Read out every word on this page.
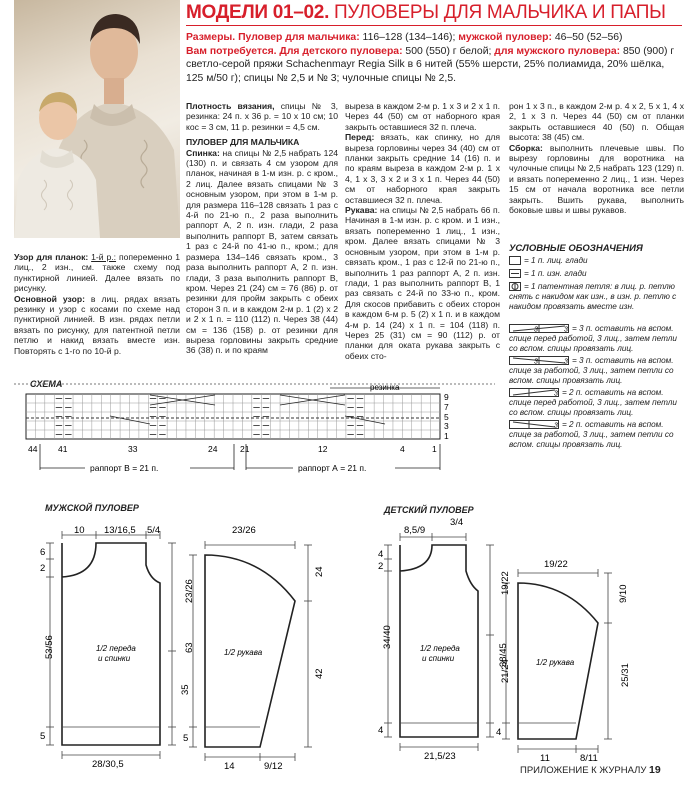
МОДЕЛИ 01–02. ПУЛОВЕРЫ ДЛЯ МАЛЬЧИКА И ПАПЫ
Размеры. Пуловер для мальчика: 116–128 (134–146); мужской пуловер: 46–50 (52–56)
Вам потребуется. Для детского пуловера: 500 (550) г белой; для мужского пуловера: 850 (900) г светло-серой пряжи Schachenmayr Regia Silk в 6 нитей (55% шерсти, 25% полиамида, 20% шёлка, 125 м/50 г); спицы № 2,5 и № 3; чулочные спицы № 2,5.

Узор для планок: 1-й р.: попеременно 1 лиц., 2 изн., см. также схему под пунктирной линией. Далее вязать по рисунку.

Основной узор: в лиц. рядах вязать резинку и узор с косами по схеме над пунктирной линией. В изн. рядах петли вязать по рисунку, для патентной петли петлю и накид вязать вместе изн. Повторять с 1-го по 10-й р.

Плотность вязания, спицы № 3, резинка: 24 п. x 36 р. = 10 x 10 см; 10 кос = 3 см, 11 р. резинки = 4,5 см.

ПУЛОВЕР ДЛЯ МАЛЬЧИКА

Спинка: на спицы № 2,5 набрать 124 (130) п. и связать 4 см узором для планок, начиная в 1-м изн. р. с кром., 2 лиц. Далее вязать спицами № 3 основным узором, при этом в 1-м р. для размера 116–128 связать 1 раз с 4-й по 21-ю п., 2 раза выполнить раппорт А, 2 п. изн. глади, 2 раза выполнить раппорт В, затем связать 1 раз с 24-й по 41-ю п., кром.; для размера 134–146 связать кром., 3 раза выполнить раппорт А, 2 п. изн. глади, 3 раза выполнить раппорт В, кром. Через 21 (24) см = 76 (86) р. от резинки для пройм закрыть с обеих сторон 3 п. и в каждом 2-м р. 1 (2) x 2 и 2 x 1 п. = 110 (112) п. Через 38 (44) см = 136 (158) р. от резинки для выреза горловины закрыть средние 36 (38) п. и по краям

выреза в каждом 2-м р. 1 x 3 и 2 x 1 п. Через 44 (50) см от наборного края закрыть оставшиеся 32 п. плеча.

Перед: вязать, как спинку, но для выреза горловины через 34 (40) см от планки закрыть средние 14 (16) п. и по краям выреза в каждом 2-м р. 1 x 4, 1 x 3, 3 x 2 и 3 x 1 п. Через 44 (50) см от наборного края закрыть оставшиеся 32 п. плеча.

Рукава: на спицы № 2,5 набрать 66 п. Начиная в 1-м изн. р. с кром. и 1 изн., вязать попеременно 1 лиц., 1 изн., кром. Далее вязать спицами № 3 основным узором, при этом в 1-м р. связать кром., 1 раз с 12-й по 21-ю п., выполнить 1 раз раппорт А, 2 п. изн. глади, 1 раз выполнить раппорт В, 1 раз связать с 24-й по 33-ю п., кром. Для скосов прибавить с обеих сторон в каждом 6-м р. 5 (2) x 1 п. и в каждом 4-м р. 14 (24) x 1 п. = 104 (118) п. Через 25 (31) см = 90 (112) р. от планки для оката рукава закрыть с обеих сто-

рон 1 x 3 п., в каждом 2-м р. 4 x 2, 5 x 1, 4 x 2, 1 x 3 п. Через 44 (50) см от планки закрыть оставшиеся 40 (50) п. Общая высота: 38 (45) см.

Сборка: выполнить плечевые швы. По вырезу горловины для воротника на чулочные спицы № 2,5 набрать 123 (129) п. и вязать попеременно 2 лиц., 1 изн. Через 15 см от начала воротника все петли закрыть. Вшить рукава, выполнить боковые швы и швы рукавов.

УСЛОВНЫЕ ОБОЗНАЧЕНИЯ
= 1 п. лиц. глади
= 1 п. изн. глади
= 1 патентная петля: в лиц. р. петлю снять с накидом как изн., в изн. р. петлю с накидом провязать вместе изн.
3	3 = 3 п. оставить на вспом. спице перед работой, 3 лиц., затем петли со вспом. спицы провязать лиц.
3	3 = 3 п. оставить на вспом. спице за работой, 3 лиц., затем петли со вспом. спицы провязать лиц.
3 = 2 п. оставить на вспом. спице перед работой, 3 лиц., затем петли со вспом. спицы провязать лиц.
3 = 2 п. оставить на вспом. спице за работой, 3 лиц., затем петли со вспом. спицы провязать лиц.
СХЕМА	резинка
9
7
5
3
1
44 41	33	24	21	12	4	1
раппорт В = 21 п.	раппорт А = 21 п.
МУЖСКОЙ ПУЛОВЕР
10 13/16,5 5/4
6
2
53/56
5
23/26
35
28/30,5
1/2 переда
и спинки
23/26
63
5
24
42
14	9/12
1/2 рукава
ДЕТСКИЙ ПУЛОВЕР
8,5/9
3/4
4
2
34/40
4
19/22
21/24
21,5/23
1/2 переда
и спинки
19/22
38/45
4
9/10
25/31
11	8/11
1/2 рукава
ПРИЛОЖЕНИЕ К ЖУРНАЛУ 19
